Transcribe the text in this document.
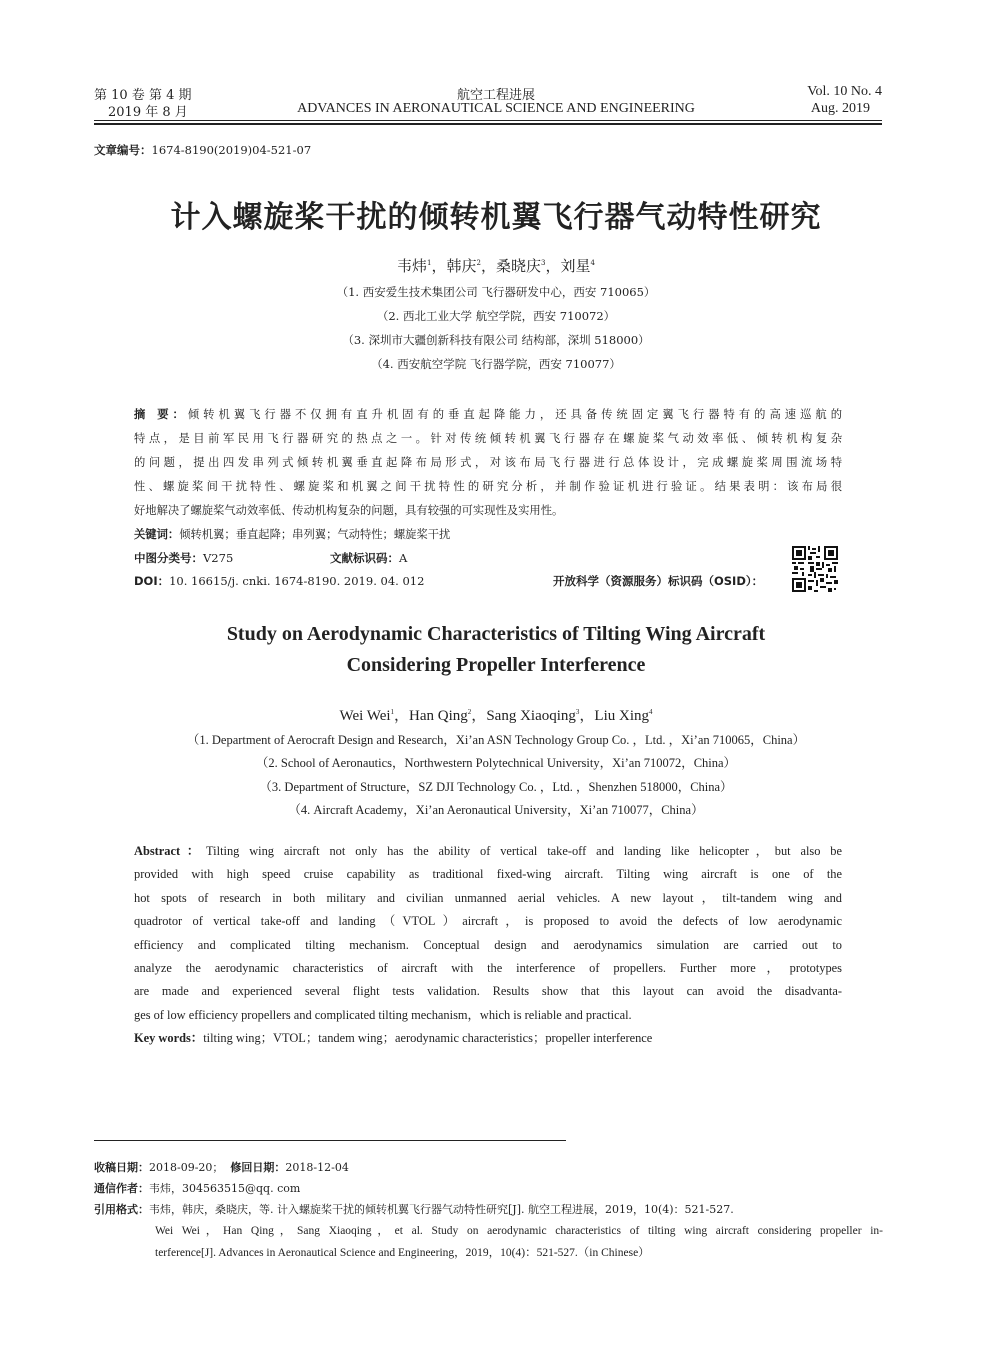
第 10 卷 第 4 期
2019 年 8 月
航空工程进展
ADVANCES IN AERONAUTICAL SCIENCE AND ENGINEERING
Vol. 10 No. 4
Aug. 2019
文章编号：1674-8190(2019)04-521-07
计入螺旋桨干扰的倾转机翼飞行器气动特性研究
韦炜$^1$，韩庆$^2$，桑晓庆$^3$，刘星$^4$
（1. 西安爱生技术集团公司 飞行器研发中心，西安 710065）
（2. 西北工业大学 航空学院，西安 710072）
（3. 深圳市大疆创新科技有限公司 结构部，深圳 518000）
（4. 西安航空学院 飞行器学院，西安 710077）

摘 要：倾转机翼飞行器不仅拥有直升机固有的垂直起降能力，还具备传统固定翼飞行器特有的高速巡航的

特点，是目前军民用飞行器研究的热点之一。针对传统倾转机翼飞行器存在螺旋桨气动效率低、倾转机构复杂

的问题，提出四发串列式倾转机翼垂直起降布局形式，对该布局飞行器进行总体设计，完成螺旋桨周围流场特

性、螺旋桨间干扰特性、螺旋桨和机翼之间干扰特性的研究分析，并制作验证机进行验证。结果表明：该布局很

好地解决了螺旋桨气动效率低、传动机构复杂的问题，具有较强的可实现性及实用性。

关键词：倾转机翼；垂直起降；串列翼；气动特性；螺旋桨干扰

中图分类号：V275	文献标识码：A
DOI：10. 16615/j. cnki. 1674-8190. 2019. 04. 012	开放科学（资源服务）标识码（OSID）：
Study on Aerodynamic Characteristics of Tilting Wing Aircraft
Considering Propeller Interference
Wei Wei$^1$，Han Qing$^2$，Sang Xiaoqing$^3$，Liu Xing$^4$
（1. Department of Aerocraft Design and Research，Xi’an ASN Technology Group Co. ，Ltd. ，Xi’an 710065，China）
（2. School of Aeronautics，Northwestern Polytechnical University，Xi’an 710072，China）
（3. Department of Structure，SZ DJI Technology Co. ，Ltd. ，Shenzhen 518000，China）
（4. Aircraft Academy，Xi’an Aeronautical University，Xi’an 710077，China）

Abstract：Tilting wing aircraft not only has the ability of vertical take-off and landing like helicopter，but also be

provided with high speed cruise capability as traditional fixed-wing aircraft. Tilting wing aircraft is one of the

hot spots of research in both military and civilian unmanned aerial vehicles. A new layout，tilt-tandem wing and

quadrotor of vertical take-off and landing（VTOL）aircraft，is proposed to avoid the defects of low aerodynamic

efficiency and complicated tilting mechanism. Conceptual design and aerodynamics simulation are carried out to

analyze the aerodynamic characteristics of aircraft with the interference of propellers. Further more，prototypes

are made and experienced several flight tests validation. Results show that this layout can avoid the disadvanta-

ges of low efficiency propellers and complicated tilting mechanism，which is reliable and practical.

Key words：tilting wing；VTOL；tandem wing；aerodynamic characteristics；propeller interference

收稿日期：2018-09-20； 修回日期：2018-12-04
通信作者：韦炜，304563515@qq. com
引用格式：韦炜，韩庆，桑晓庆，等. 计入螺旋桨干扰的倾转机翼飞行器气动特性研究[J]. 航空工程进展，2019，10(4)：521-527.
Wei Wei，Han Qing，Sang Xiaoqing，et al. Study on aerodynamic characteristics of tilting wing aircraft considering propeller in-
terference[J]. Advances in Aeronautical Science and Engineering，2019，10(4)：521-527.（in Chinese）
